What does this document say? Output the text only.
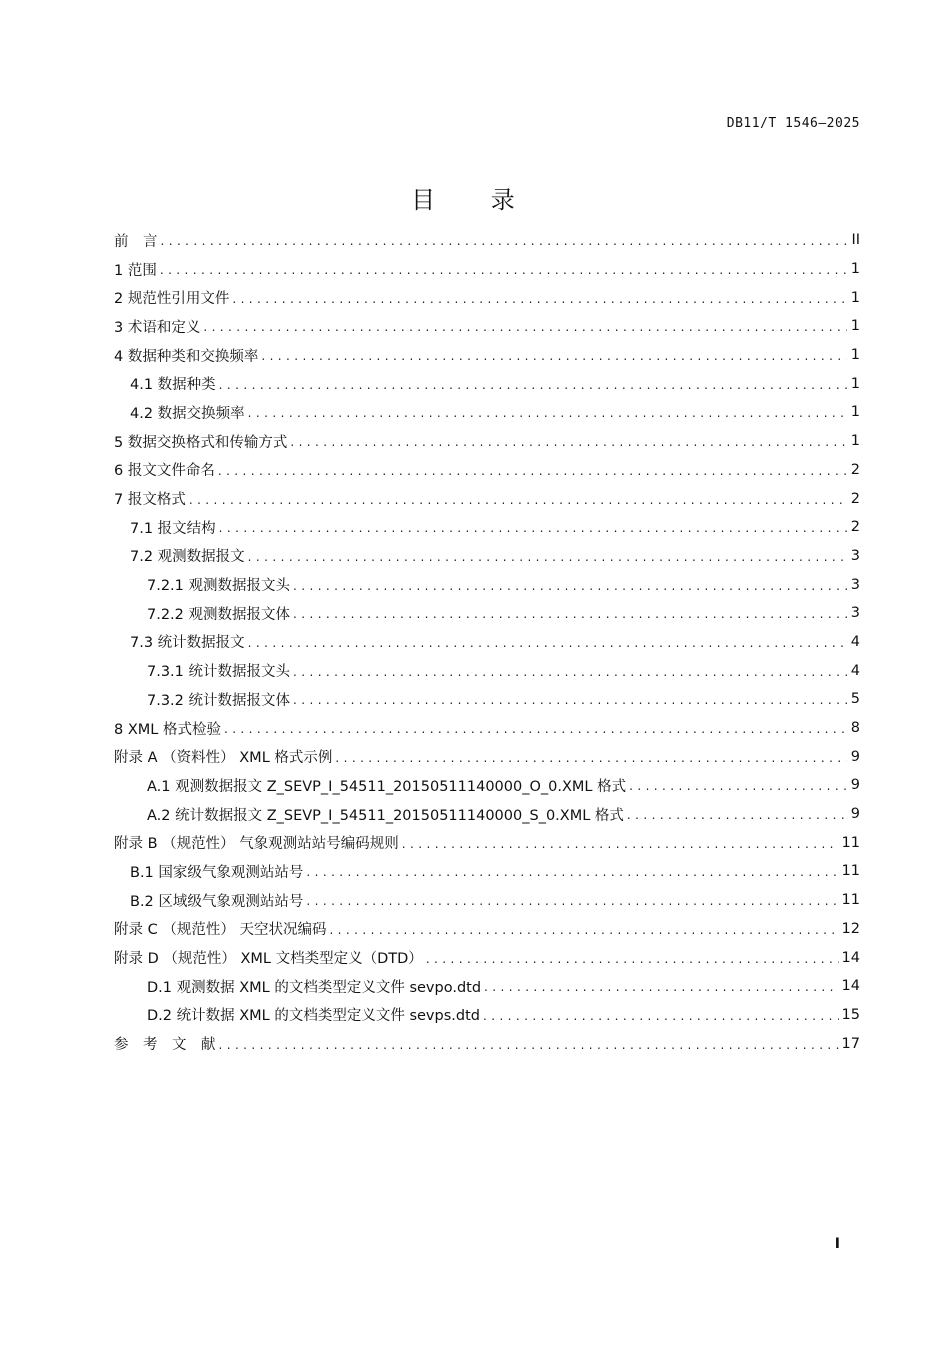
DB11/T 1546—2025
目 录
前　言 . . .	II
1 范围 . . .	1
2 规范性引用文件 . . .	1
3 术语和定义 . . .	1
4 数据种类和交换频率 . . .	1
4.1 数据种类 . . .	1
4.2 数据交换频率 . . .	1
5 数据交换格式和传输方式 . . .	1
6 报文文件命名 . . .	2
7 报文格式 . . .	2
7.1 报文结构 . . .	2
7.2 观测数据报文 . . .	3
7.2.1 观测数据报文头 . . .	3
7.2.2 观测数据报文体 . . .	3
7.3 统计数据报文 . . .	4
7.3.1 统计数据报文头 . . .	4
7.3.2 统计数据报文体 . . .	5
8 XML 格式检验 . . .	8
附录 A （资料性） XML 格式示例 . . .	9
A.1 观测数据报文 Z_SEVP_I_54511_20150511140000_O_0.XML 格式 . . .	9
A.2 统计数据报文 Z_SEVP_I_54511_20150511140000_S_0.XML 格式 . . .	9
附录 B （规范性） 气象观测站站号编码规则 . . .	11
B.1 国家级气象观测站站号 . . .	11
B.2 区域级气象观测站站号 . . .	11
附录 C （规范性） 天空状况编码 . . .	12
附录 D （规范性） XML 文档类型定义（DTD） . . .	14
D.1 观测数据 XML 的文档类型定义文件 sevpo.dtd . . .	14
D.2 统计数据 XML 的文档类型定义文件 sevps.dtd . . .	15
参　考　文　献 . . .	17
I
